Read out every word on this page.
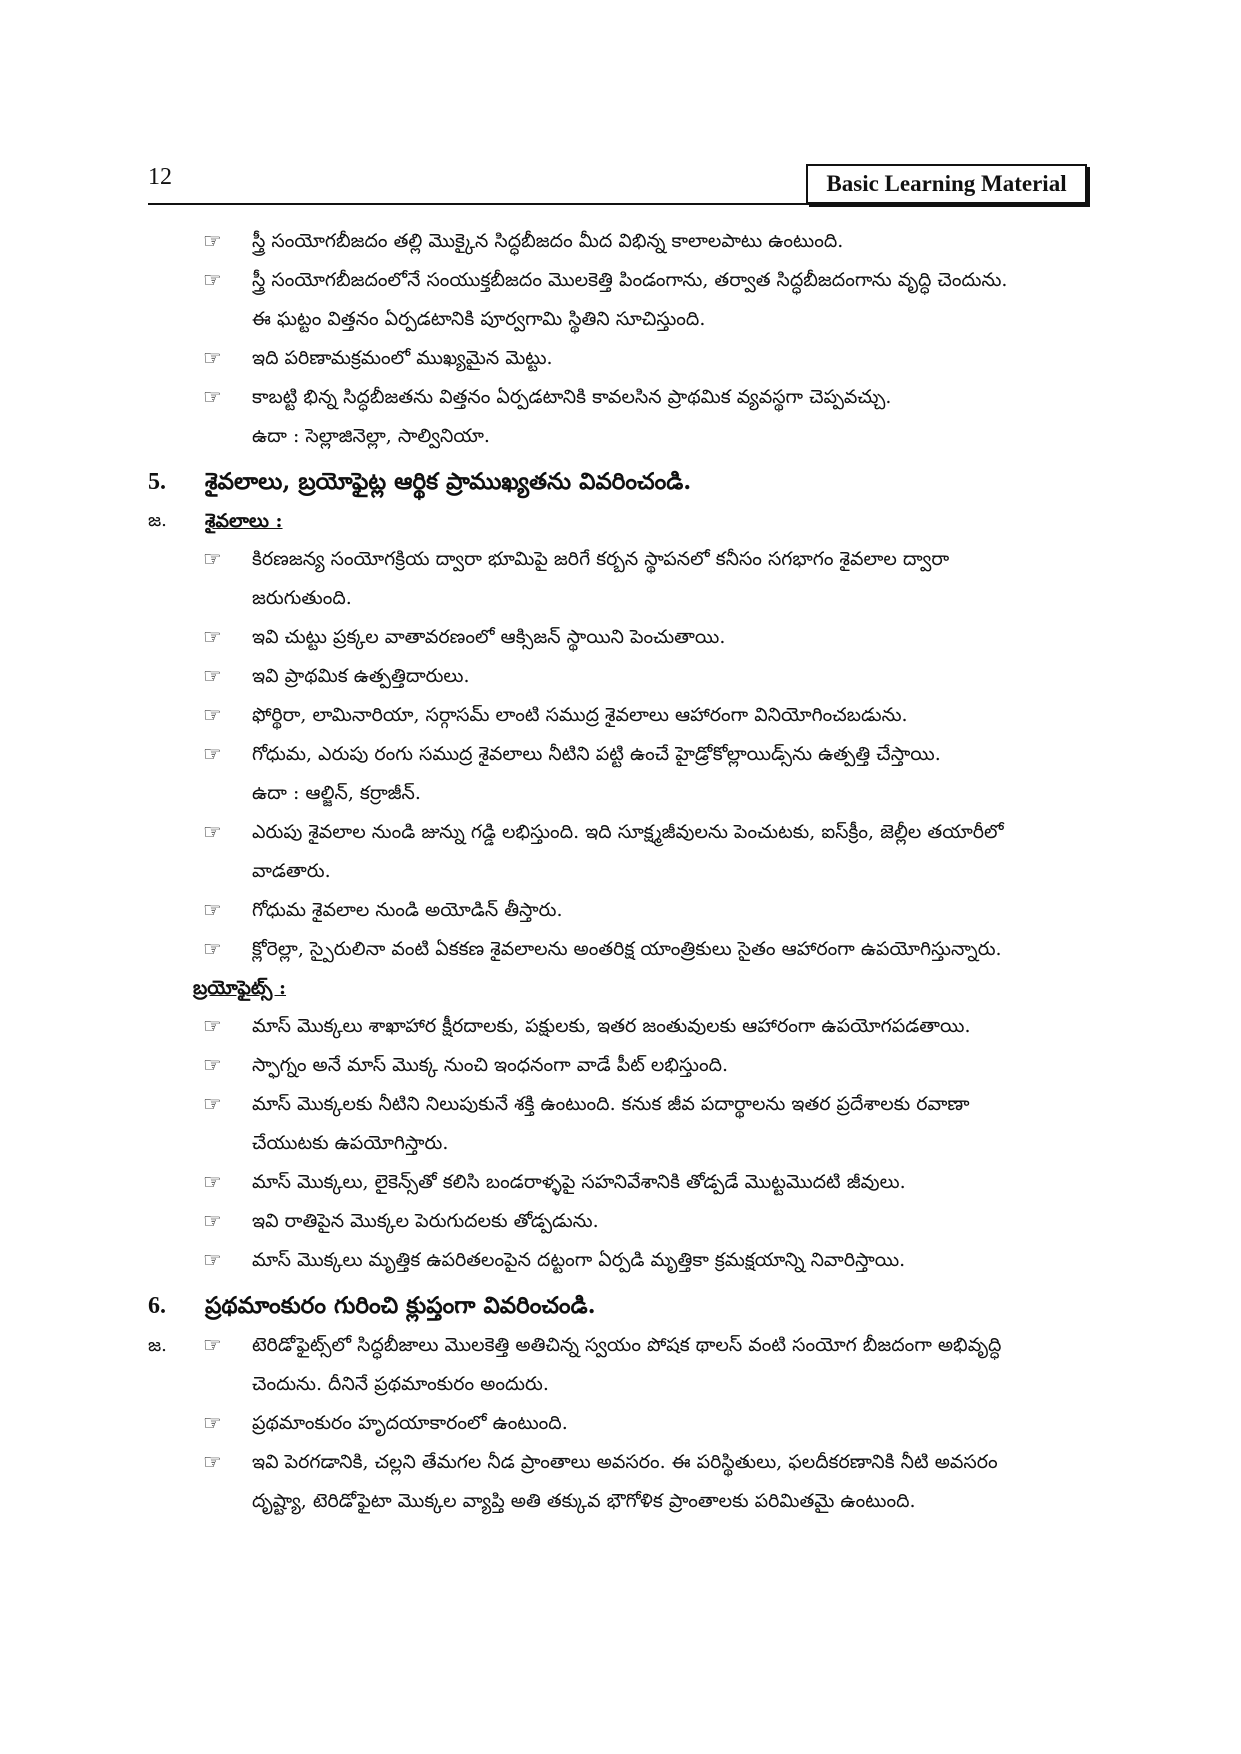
12	Basic Learning Material
☞	స్త్రీ సంయోగబీజదం తల్లి మొక్కైన సిద్ధబీజదం మీద విభిన్న కాలాలపాటు ఉంటుంది.
☞	స్త్రీ సంయోగబీజదంలోనే సంయుక్తబీజదం మొలకెత్తి పిండంగాను, తర్వాత సిద్ధబీజదంగాను వృద్ధి చెందును.
ఈ ఘట్టం విత్తనం ఏర్పడటానికి పూర్వగామి స్థితిని సూచిస్తుంది.
☞	ఇది పరిణామక్రమంలో ముఖ్యమైన మెట్టు.
☞	కాబట్టి భిన్న సిద్ధబీజతను విత్తనం ఏర్పడటానికి కావలసిన ప్రాథమిక వ్యవస్థగా చెప్పవచ్చు.
ఉదా : సెల్లాజినెల్లా, సాల్వినియా.
5. శైవలాలు, బ్రయోఫైట్ల ఆర్థిక ప్రాముఖ్యతను వివరించండి.
జ. శైవలాలు :
☞	కిరణజన్య సంయోగక్రియ ద్వారా భూమిపై జరిగే కర్బన స్థాపనలో కనీసం సగభాగం శైవలాల ద్వారా
జరుగుతుంది.
☞	ఇవి చుట్టు ప్రక్కల వాతావరణంలో ఆక్సిజన్ స్థాయిని పెంచుతాయి.
☞	ఇవి ప్రాథమిక ఉత్పత్తిదారులు.
☞	ఫోర్థిరా, లామినారియా, సర్గాసమ్ లాంటి సముద్ర శైవలాలు ఆహారంగా వినియోగించబడును.
☞	గోధుమ, ఎరుపు రంగు సముద్ర శైవలాలు నీటిని పట్టి ఉంచే హైడ్రోకోల్లాయిడ్స్‌ను ఉత్పత్తి చేస్తాయి.
ఉదా : ఆల్జిన్, కర్రాజీన్.
☞	ఎరుపు శైవలాల నుండి జున్ను గడ్డి లభిస్తుంది. ఇది సూక్ష్మజీవులను పెంచుటకు, ఐస్‌క్రీం, జెల్లీల తయారీలో
వాడతారు.
☞	గోధుమ శైవలాల నుండి అయోడిన్ తీస్తారు.
☞	క్లోరెల్లా, స్పైరులినా వంటి ఏకకణ శైవలాలను అంతరిక్ష యాంత్రికులు సైతం ఆహారంగా ఉపయోగిస్తున్నారు.
బ్రయోఫైట్స్ :
☞	మాస్ మొక్కలు శాఖాహార క్షీరదాలకు, పక్షులకు, ఇతర జంతువులకు ఆహారంగా ఉపయోగపడతాయి.
☞	స్ఫాగ్నం అనే మాస్ మొక్క నుంచి ఇంధనంగా వాడే పీట్ లభిస్తుంది.
☞	మాస్ మొక్కలకు నీటిని నిలుపుకునే శక్తి ఉంటుంది. కనుక జీవ పదార్థాలను ఇతర ప్రదేశాలకు రవాణా
చేయుటకు ఉపయోగిస్తారు.
☞	మాస్ మొక్కలు, లైకెన్స్‌తో కలిసి బండరాళ్ళపై సహనివేశానికి తోడ్పడే మొట్టమొదటి జీవులు.
☞	ఇవి రాతిపైన మొక్కల పెరుగుదలకు తోడ్పడును.
☞	మాస్ మొక్కలు మృత్తిక ఉపరితలంపైన దట్టంగా ఏర్పడి మృత్తికా క్రమక్షయాన్ని నివారిస్తాయి.
6. ప్రథమాంకురం గురించి క్లుప్తంగా వివరించండి.
జ. ☞	టెరిడోఫైట్స్‌లో సిద్ధబీజాలు మొలకెత్తి అతిచిన్న స్వయం పోషక థాలస్ వంటి సంయోగ బీజదంగా అభివృద్ధి
చెందును. దీనినే ప్రథమాంకురం అందురు.
☞	ప్రథమాంకురం హృదయాకారంలో ఉంటుంది.
☞	ఇవి పెరగడానికి, చల్లని తేమగల నీడ ప్రాంతాలు అవసరం. ఈ పరిస్థితులు, ఫలదీకరణానికి నీటి అవసరం
దృష్ట్యా, టెరిడోఫైటా మొక్కల వ్యాప్తి అతి తక్కువ భౌగోళిక ప్రాంతాలకు పరిమితమై ఉంటుంది.
